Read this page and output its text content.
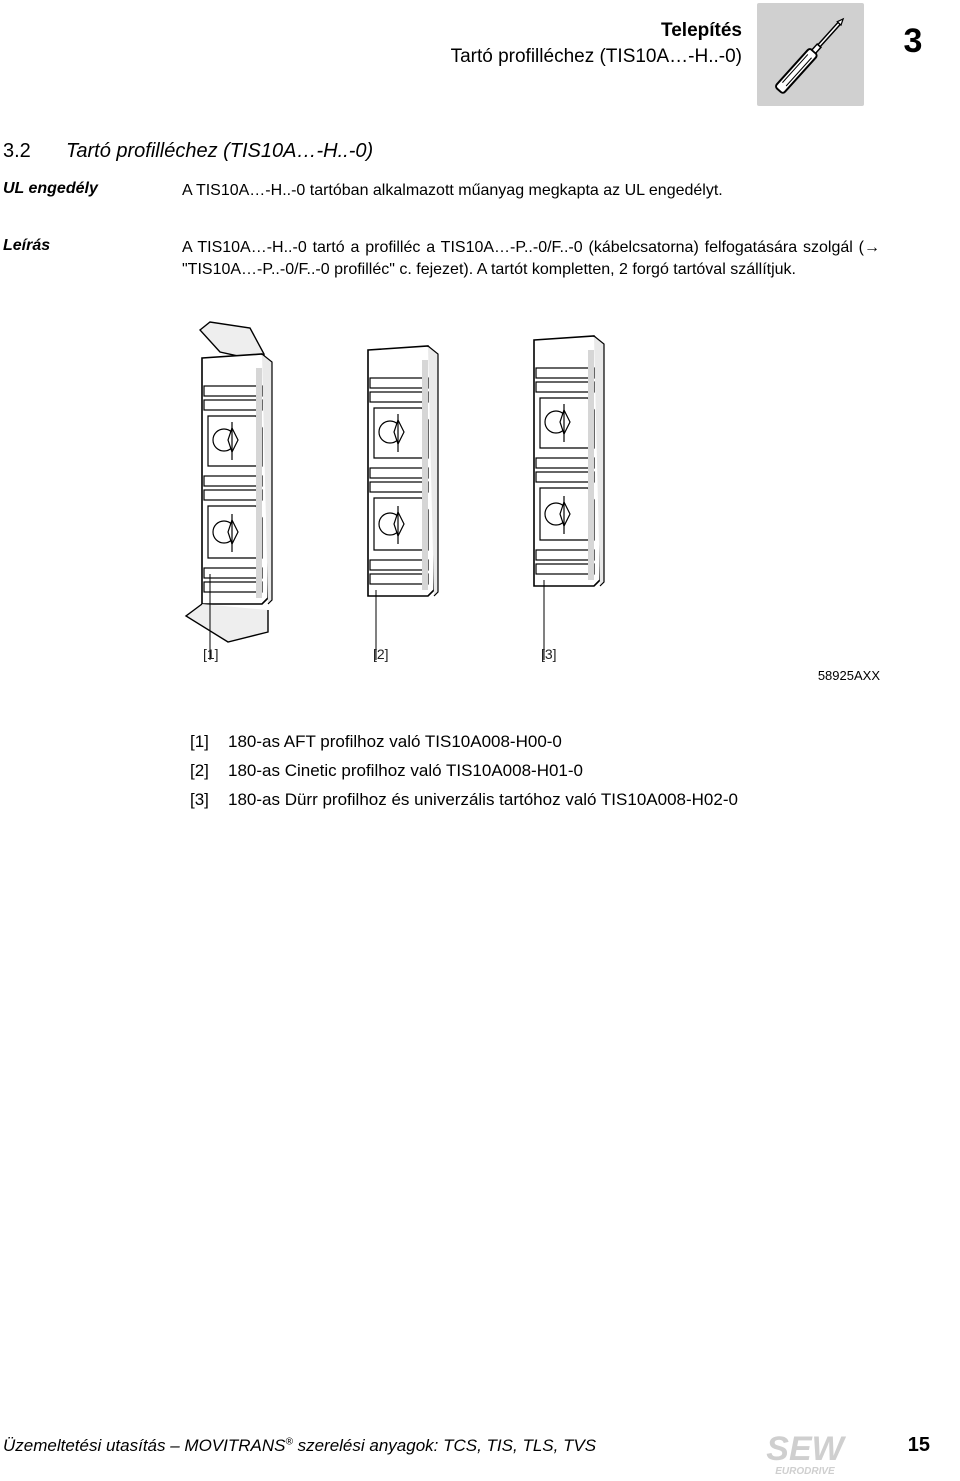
Telepítés
Tartó profilléchez (TIS10A…-H..-0)	3
3.2 Tartó profilléchez (TIS10A…-H..-0)
UL engedély	A TIS10A…-H..-0 tartóban alkalmazott műanyag megkapta az UL engedélyt.
Leírás	A TIS10A…-H..-0 tartó a profilléc a TIS10A…-P..-0/F..-0 (kábelcsatorna) felfogatására szolgál (→ "TIS10A…-P..-0/F..-0 profilléc" c. fejezet). A tartót kompletten, 2 forgó tartóval szállítjuk.
[1]	[2]	[3]
58925AXX
[1] 180-as AFT profilhoz való TIS10A008-H00-0
[2] 180-as Cinetic profilhoz való TIS10A008-H01-0
[3] 180-as Dürr profilhoz és univerzális tartóhoz való TIS10A008-H02-0
Üzemeltetési utasítás – MOVITRANS® szerelési anyagok: TCS, TIS, TLS, TVS	SEW
EURODRIVE
15
